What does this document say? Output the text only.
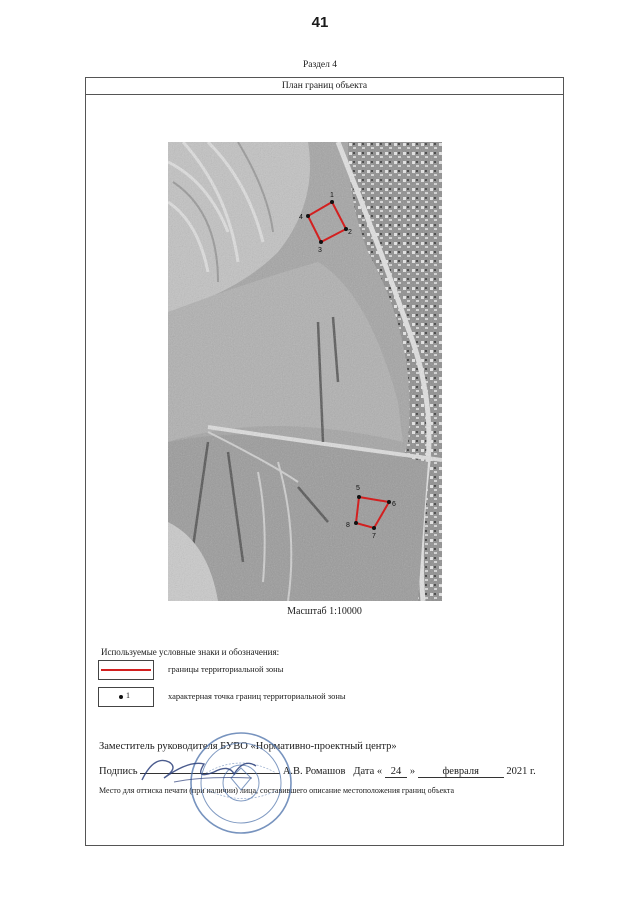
41
Раздел 4
План границ объекта
1
2
3
4
5
6
7
8
Масштаб 1:10000
Используемые условные знаки и обозначения:
границы территориальной зоны
1	характерная точка границ территориальной зоны
Заместитель руководителя БУВО «Нормативно-проектный центр»
Подпись	А.В. Ромашов Дата « 24 »	февраля	2021 г.
Место для оттиска печати (при наличии) лица, составившего описание местоположения границ объекта
